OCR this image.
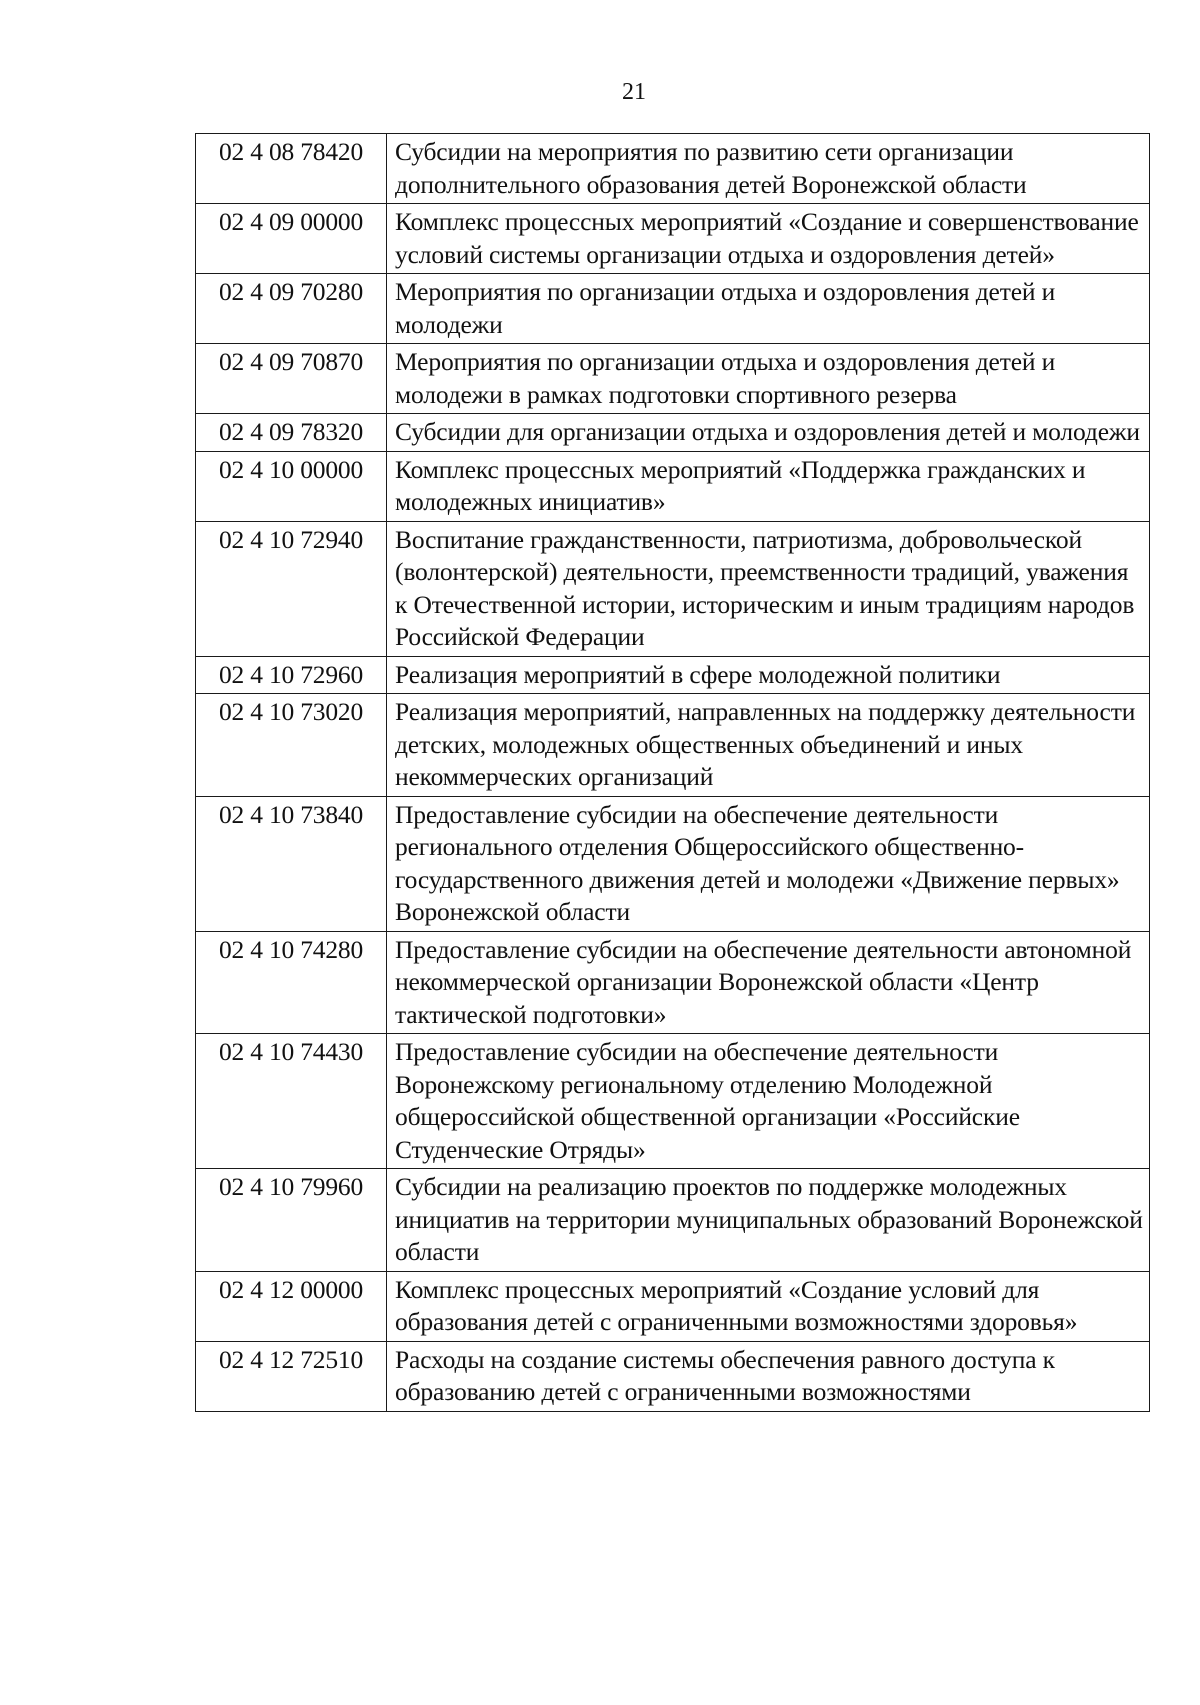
21
02 4 08 78420	Субсидии на мероприятия по развитию сети организации дополнительного образования детей Воронежской области
02 4 09 00000	Комплекс процессных мероприятий «Создание и совершенствование условий системы организации отдыха и оздоровления детей»
02 4 09 70280	Мероприятия по организации отдыха и оздоровления детей и молодежи
02 4 09 70870	Мероприятия по организации отдыха и оздоровления детей и молодежи в рамках подготовки спортивного резерва
02 4 09 78320	Субсидии для организации отдыха и оздоровления детей и молодежи
02 4 10 00000	Комплекс процессных мероприятий «Поддержка гражданских и молодежных инициатив»
02 4 10 72940	Воспитание гражданственности, патриотизма, добровольческой (волонтерской) деятельности, преемственности традиций, уважения к Отечественной истории, историческим и иным традициям народов Российской Федерации
02 4 10 72960	Реализация мероприятий в сфере молодежной политики
02 4 10 73020	Реализация мероприятий, направленных на поддержку деятельности детских, молодежных общественных объединений и иных некоммерческих организаций
02 4 10 73840	Предоставление субсидии на обеспечение деятельности регионального отделения Общероссийского общественно-государственного движения детей и молодежи «Движение первых» Воронежской области
02 4 10 74280	Предоставление субсидии на обеспечение деятельности автономной некоммерческой организации Воронежской области «Центр тактической подготовки»
02 4 10 74430	Предоставление субсидии на обеспечение деятельности Воронежскому региональному отделению Молодежной общероссийской общественной организации «Российские Студенческие Отряды»
02 4 10 79960	Субсидии на реализацию проектов по поддержке молодежных инициатив на территории муниципальных образований Воронежской области
02 4 12 00000	Комплекс процессных мероприятий «Создание условий для образования детей с ограниченными возможностями здоровья»
02 4 12 72510	Расходы на создание системы обеспечения равного доступа к образованию детей с ограниченными возможностями
